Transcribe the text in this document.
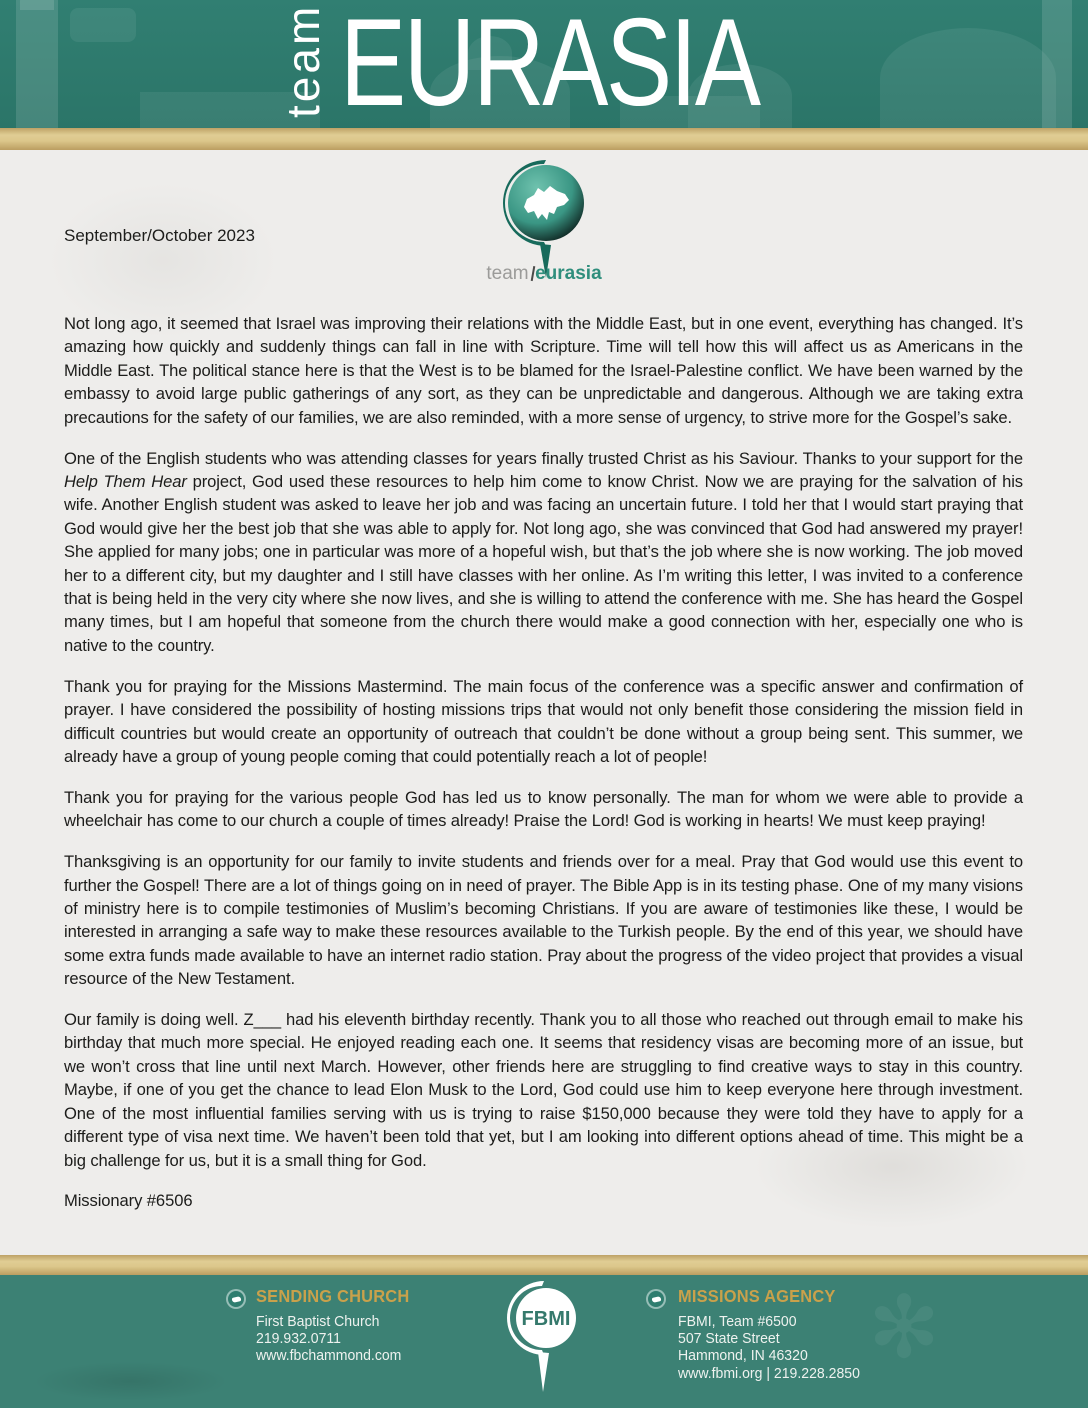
team EURASIA
team eurasia
September/October 2023

Not long ago, it seemed that Israel was improving their relations with the Middle East, but in one event, everything has changed. It’s amazing how quickly and suddenly things can fall in line with Scripture. Time will tell how this will affect us as Americans in the Middle East. The political stance here is that the West is to be blamed for the Israel-Palestine conflict. We have been warned by the embassy to avoid large public gatherings of any sort, as they can be unpredictable and dangerous. Although we are taking extra precautions for the safety of our families, we are also reminded, with a more sense of urgency, to strive more for the Gospel’s sake.

One of the English students who was attending classes for years finally trusted Christ as his Saviour. Thanks to your support for the Help Them Hear project, God used these resources to help him come to know Christ. Now we are praying for the salvation of his wife. Another English student was asked to leave her job and was facing an uncertain future. I told her that I would start praying that God would give her the best job that she was able to apply for. Not long ago, she was convinced that God had answered my prayer! She applied for many jobs; one in particular was more of a hopeful wish, but that’s the job where she is now working. The job moved her to a different city, but my daughter and I still have classes with her online. As I’m writing this letter, I was invited to a conference that is being held in the very city where she now lives, and she is willing to attend the conference with me. She has heard the Gospel many times, but I am hopeful that someone from the church there would make a good connection with her, especially one who is native to the country.

Thank you for praying for the Missions Mastermind. The main focus of the conference was a specific answer and confirmation of prayer. I have considered the possibility of hosting missions trips that would not only benefit those considering the mission field in difficult countries but would create an opportunity of outreach that couldn’t be done without a group being sent. This summer, we already have a group of young people coming that could potentially reach a lot of people!

Thank you for praying for the various people God has led us to know personally. The man for whom we were able to provide a wheelchair has come to our church a couple of times already! Praise the Lord! God is working in hearts! We must keep praying!

Thanksgiving is an opportunity for our family to invite students and friends over for a meal. Pray that God would use this event to further the Gospel! There are a lot of things going on in need of prayer. The Bible App is in its testing phase. One of my many visions of ministry here is to compile testimonies of Muslim’s becoming Christians. If you are aware of testimonies like these, I would be interested in arranging a safe way to make these resources available to the Turkish people. By the end of this year, we should have some extra funds made available to have an internet radio station. Pray about the progress of the video project that provides a visual resource of the New Testament.

Our family is doing well. Z___ had his eleventh birthday recently. Thank you to all those who reached out through email to make his birthday that much more special. He enjoyed reading each one. It seems that residency visas are becoming more of an issue, but we won’t cross that line until next March. However, other friends here are struggling to find creative ways to stay in this country. Maybe, if one of you get the chance to lead Elon Musk to the Lord, God could use him to keep everyone here through investment. One of the most influential families serving with us is trying to raise $150,000 because they were told they have to apply for a different type of visa next time. We haven’t been told that yet, but I am looking into different options ahead of time. This might be a big challenge for us, but it is a small thing for God.

Missionary #6506

✻
SENDING CHURCH
First Baptist Church
219.932.0711
www.fbchammond.com
FBMI
MISSIONS AGENCY
FBMI, Team #6500
507 State Street
Hammond, IN 46320
www.fbmi.org | 219.228.2850
